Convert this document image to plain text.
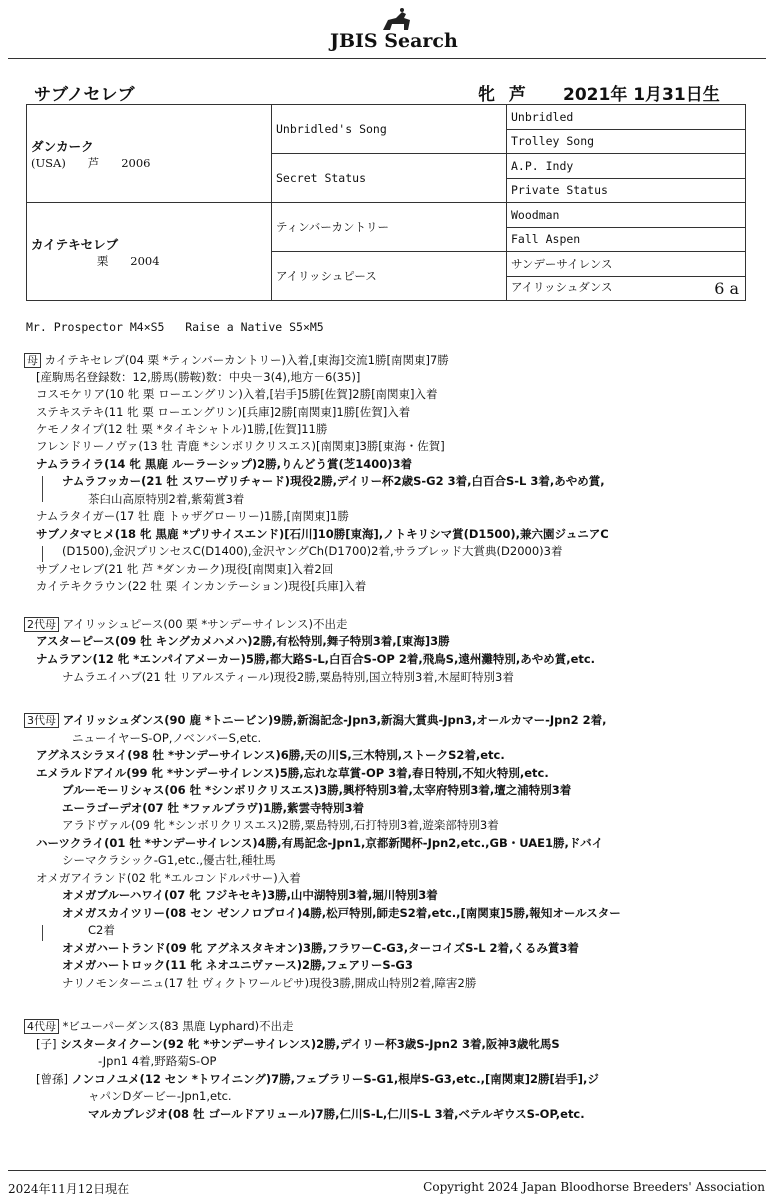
JBIS Search
サブノセレブ	牝 芦 2021年 1月31日生
ダンカーク
(USA) 芦 2006	Unbridled's Song	Unbridled
		Trolley Song
	Secret Status	A.P. Indy
		Private Status

カイテキセレブ
栗 2004	ティンバーカントリー	Woodman
		Fall Aspen
	アイリッシュピース	サンデーサイレンス
		アイリッシュダンス 6 a
Mr. Prospector M4×S5   Raise a Native S5×M5
母 カイテキセレブ(04 栗 *ティンバーカントリー)入着,[東海]交流1勝[南関東]7勝
[産駒馬名登録数：12,勝馬(勝鞍)数：中央－3(4),地方－6(35)]
コスモケリア(10 牝 栗 ローエングリン)入着,[岩手]5勝[佐賀]2勝[南関東]入着
ステキステキ(11 牝 栗 ローエングリン)[兵庫]2勝[南関東]1勝[佐賀]入着
ケモノタイプ(12 牡 栗 *タイキシャトル)1勝,[佐賀]11勝
フレンドリーノヴァ(13 牡 青鹿 *シンボリクリスエス)[南関東]3勝[東海・佐賀]
ナムラライラ(14 牝 黒鹿 ルーラーシップ)2勝,りんどう賞(芝1400)3着
ナムラフッカー(21 牡 スワーヴリチャード)現役2勝,デイリー杯2歳S-G2 3着,白百合S-L 3着,あやめ賞,
茶臼山高原特別2着,紫菊賞3着
ナムラタイガー(17 牡 鹿 トゥザグローリー)1勝,[南関東]1勝
サブノタマヒメ(18 牝 黒鹿 *プリサイスエンド)[石川]10勝[東海],ノトキリシマ賞(D1500),兼六園ジュニアC
(D1500),金沢プリンセスC(D1400),金沢ヤングCh(D1700)2着,サラブレッド大賞典(D2000)3着
サブノセレブ(21 牝 芦 *ダンカーク)現役[南関東]入着2回
カイテキクラウン(22 牡 栗 インカンテーション)現役[兵庫]入着
2代母 アイリッシュピース(00 栗 *サンデーサイレンス)不出走
アスターピース(09 牡 キングカメハメハ)2勝,有松特別,舞子特別3着,[東海]3勝
ナムラアン(12 牝 *エンパイアメーカー)5勝,都大路S-L,白百合S-OP 2着,飛鳥S,遠州灘特別,あやめ賞,etc.
ナムラエイハブ(21 牡 リアルスティール)現役2勝,粟島特別,国立特別3着,木屋町特別3着
3代母 アイリッシュダンス(90 鹿 *トニービン)9勝,新潟記念-Jpn3,新潟大賞典-Jpn3,オールカマー-Jpn2 2着,
ニューイヤーS-OP,ノベンバーS,etc.
アグネスシラヌイ(98 牡 *サンデーサイレンス)6勝,天の川S,三木特別,ストークS2着,etc.
エメラルドアイル(99 牝 *サンデーサイレンス)5勝,忘れな草賞-OP 3着,春日特別,不知火特別,etc.
ブルーモーリシャス(06 牡 *シンボリクリスエス)3勝,興杼特別3着,太宰府特別3着,壇之浦特別3着
エーラゴーデオ(07 牡 *ファルブラヴ)1勝,紫雲寺特別3着
アラドヴァル(09 牝 *シンボリクリスエス)2勝,粟島特別,石打特別3着,遊楽部特別3着
ハーツクライ(01 牡 *サンデーサイレンス)4勝,有馬記念-Jpn1,京都新聞杯-Jpn2,etc.,GB・UAE1勝,ドバイ
シーマクラシック-G1,etc.,優古牡,種牡馬
オメガアイランド(02 牝 *エルコンドルパサー)入着
オメガブルーハワイ(07 牝 フジキセキ)3勝,山中湖特別3着,堀川特別3着
オメガスカイツリー(08 セン ゼンノロブロイ)4勝,松戸特別,師走S2着,etc.,[南関東]5勝,報知オールスター
C2着
オメガハートランド(09 牝 アグネスタキオン)3勝,フラワーC-G3,ターコイズS-L 2着,くるみ賞3着
オメガハートロック(11 牝 ネオユニヴァース)2勝,フェアリーS-G3
ナリノモンターニュ(17 牡 ヴィクトワールピサ)現役3勝,開成山特別2着,障害2勝
4代母 *ビユーパーダンス(83 黒鹿 Lyphard)不出走
[子] シスタータイクーン(92 牝 *サンデーサイレンス)2勝,デイリー杯3歳S-Jpn2 3着,阪神3歳牝馬S
-Jpn1 4着,野路菊S-OP
[曾孫] ノンコノユメ(12 セン *トワイニング)7勝,フェブラリーS-G1,根岸S-G3,etc.,[南関東]2勝[岩手],ジ
ャパンDダービー-Jpn1,etc.
マルカブレジオ(08 牡 ゴールドアリュール)7勝,仁川S-L,仁川S-L 3着,ベテルギウスS-OP,etc.
2024年11月12日現在	Copyright 2024 Japan Bloodhorse Breeders' Association
